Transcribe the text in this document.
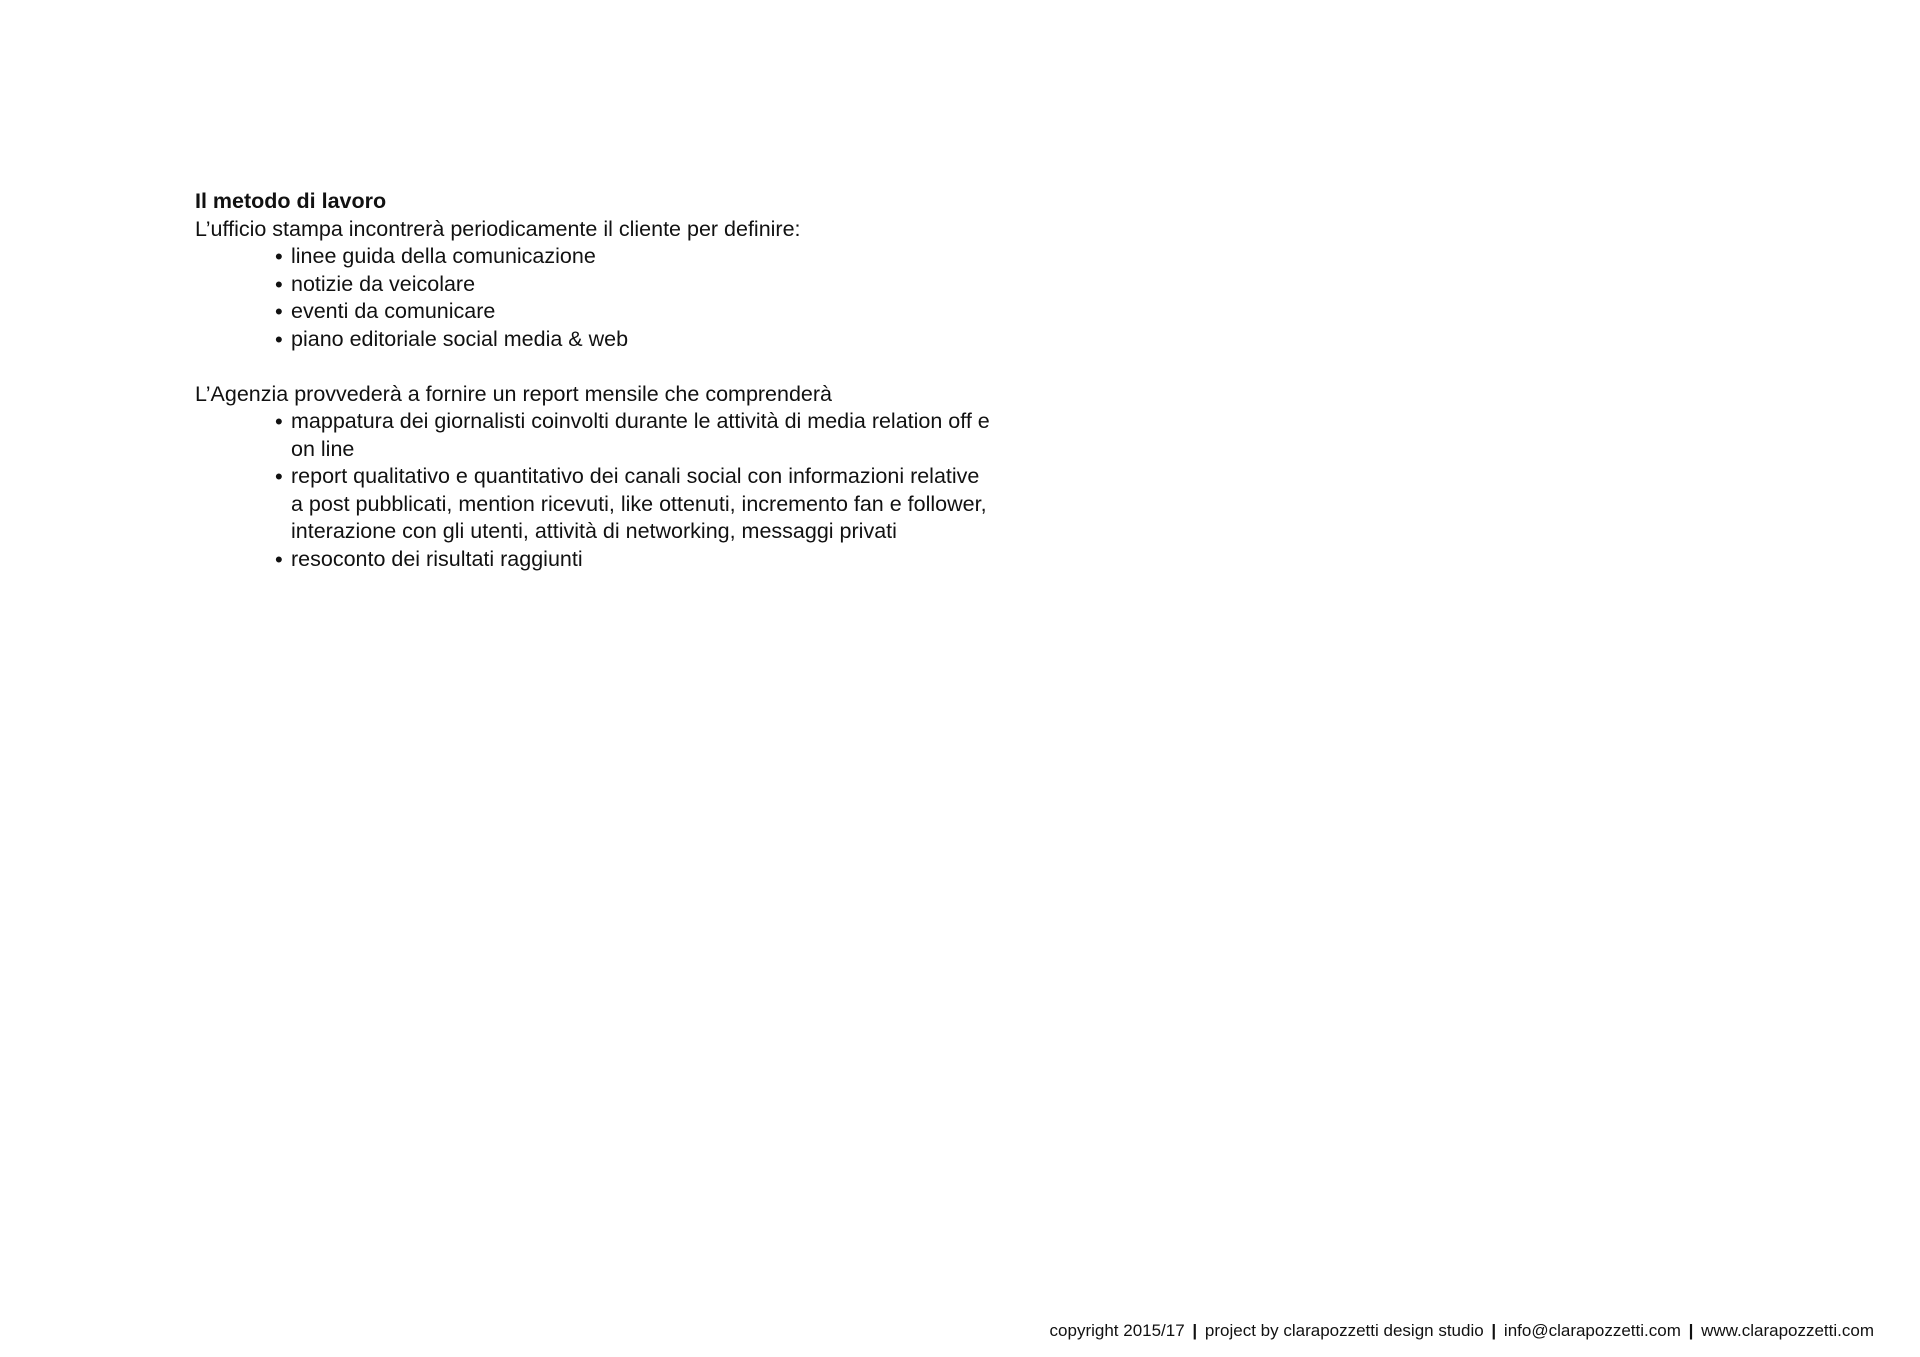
Il metodo di lavoro

L’ufficio stampa incontrerà periodicamente il cliente per definire:

• linee guida della comunicazione
• notizie da veicolare
• eventi da comunicare
• piano editoriale social media & web

L’Agenzia provvederà a fornire un report mensile che comprenderà

• mappatura dei giornalisti coinvolti durante le attività di media relation off e on line
• report qualitativo e quantitativo dei canali social con informazioni relative a post pubblicati, mention ricevuti, like ottenuti, incremento fan e follower, interazione con gli utenti, attività di networking, messaggi privati
• resoconto dei risultati raggiunti
copyright 2015/17 | project by clarapozzetti design studio | info@clarapozzetti.com | www.clarapozzetti.com
